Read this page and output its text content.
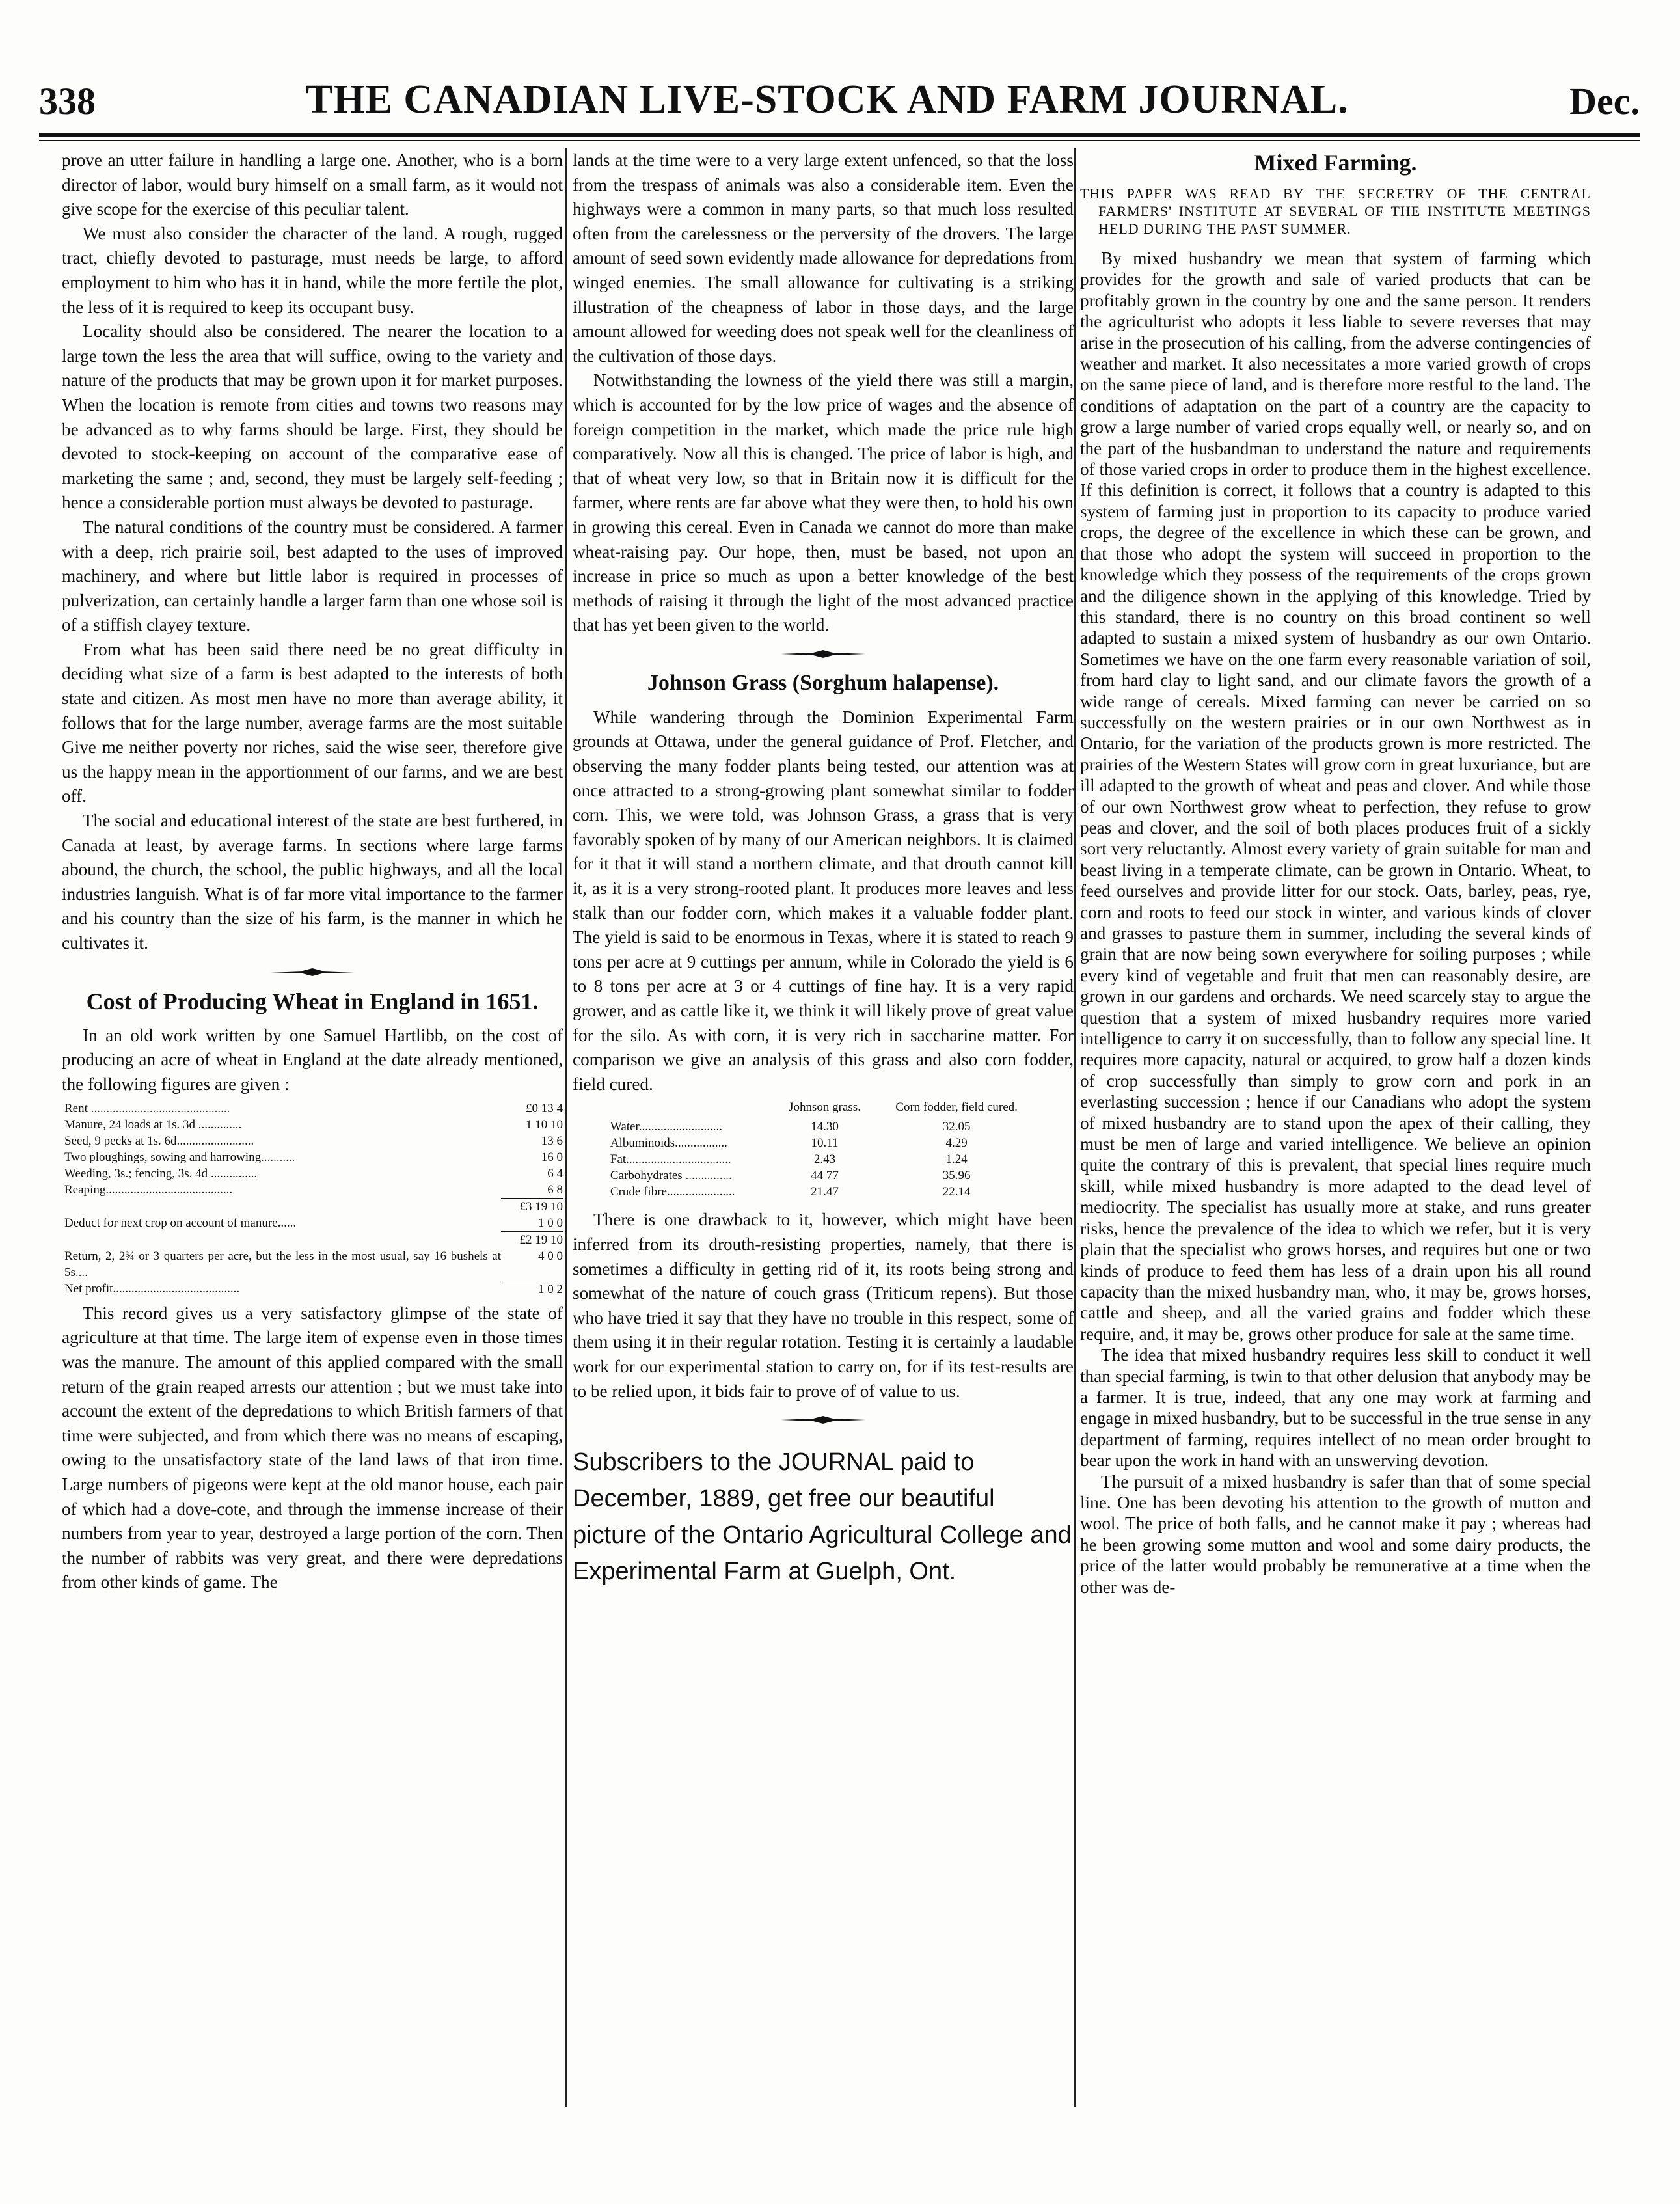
338	THE CANADIAN LIVE-STOCK AND FARM JOURNAL.	Dec.

prove an utter failure in handling a large one. Another, who is a born director of labor, would bury himself on a small farm, as it would not give scope for the exercise of this peculiar talent.

We must also consider the character of the land. A rough, rugged tract, chiefly devoted to pasturage, must needs be large, to afford employment to him who has it in hand, while the more fertile the plot, the less of it is required to keep its occupant busy.

Locality should also be considered. The nearer the location to a large town the less the area that will suffice, owing to the variety and nature of the products that may be grown upon it for market purposes. When the location is remote from cities and towns two reasons may be advanced as to why farms should be large. First, they should be devoted to stock-keeping on account of the comparative ease of marketing the same ; and, second, they must be largely self-feeding ; hence a considerable portion must always be devoted to pasturage.

The natural conditions of the country must be considered. A farmer with a deep, rich prairie soil, best adapted to the uses of improved machinery, and where but little labor is required in processes of pulverization, can certainly handle a larger farm than one whose soil is of a stiffish clayey texture.

From what has been said there need be no great difficulty in deciding what size of a farm is best adapted to the interests of both state and citizen. As most men have no more than average ability, it follows that for the large number, average farms are the most suitable Give me neither poverty nor riches, said the wise seer, therefore give us the happy mean in the apportionment of our farms, and we are best off.

The social and educational interest of the state are best furthered, in Canada at least, by average farms. In sections where large farms abound, the church, the school, the public highways, and all the local industries languish. What is of far more vital importance to the farmer and his country than the size of his farm, is the manner in which he cultivates it.

Cost of Producing Wheat in England in 1651.

In an old work written by one Samuel Hartlibb, on the cost of producing an acre of wheat in England at the date already mentioned, the following figures are given :

Rent .............................................	£0 13 4
Manure, 24 loads at 1s. 3d ..............	1 10 10
Seed, 9 pecks at 1s. 6d.........................	13 6
Two ploughings, sowing and harrowing...........	16 0
Weeding, 3s.; fencing, 3s. 4d ...............	6 4
Reaping.........................................	6 8
	£3 19 10
Deduct for next crop on account of manure......	1 0 0
	£2 19 10
Return, 2, 2¾ or 3 quarters per acre, but the less in the most usual, say 16 bushels at 5s....	4 0 0
Net profit.........................................	1 0 2

This record gives us a very satisfactory glimpse of the state of agriculture at that time. The large item of expense even in those times was the manure. The amount of this applied compared with the small return of the grain reaped arrests our attention ; but we must take into account the extent of the depredations to which British farmers of that time were subjected, and from which there was no means of escaping, owing to the unsatisfactory state of the land laws of that iron time. Large numbers of pigeons were kept at the old manor house, each pair of which had a dove-cote, and through the immense increase of their numbers from year to year, destroyed a large portion of the corn. Then the number of rabbits was very great, and there were depredations from other kinds of game. The

lands at the time were to a very large extent unfenced, so that the loss from the trespass of animals was also a considerable item. Even the highways were a common in many parts, so that much loss resulted often from the carelessness or the perversity of the drovers. The large amount of seed sown evidently made allowance for depredations from winged enemies. The small allowance for cultivating is a striking illustration of the cheapness of labor in those days, and the large amount allowed for weeding does not speak well for the cleanliness of the cultivation of those days.

Notwithstanding the lowness of the yield there was still a margin, which is accounted for by the low price of wages and the absence of foreign competition in the market, which made the price rule high comparatively. Now all this is changed. The price of labor is high, and that of wheat very low, so that in Britain now it is difficult for the farmer, where rents are far above what they were then, to hold his own in growing this cereal. Even in Canada we cannot do more than make wheat-raising pay. Our hope, then, must be based, not upon an increase in price so much as upon a better knowledge of the best methods of raising it through the light of the most advanced practice that has yet been given to the world.

Johnson Grass (Sorghum halapense).

While wandering through the Dominion Experimental Farm grounds at Ottawa, under the general guidance of Prof. Fletcher, and observing the many fodder plants being tested, our attention was at once attracted to a strong-growing plant somewhat similar to fodder corn. This, we were told, was Johnson Grass, a grass that is very favorably spoken of by many of our American neighbors. It is claimed for it that it will stand a northern climate, and that drouth cannot kill it, as it is a very strong-rooted plant. It produces more leaves and less stalk than our fodder corn, which makes it a valuable fodder plant. The yield is said to be enormous in Texas, where it is stated to reach 9 tons per acre at 9 cuttings per annum, while in Colorado the yield is 6 to 8 tons per acre at 3 or 4 cuttings of fine hay. It is a very rapid grower, and as cattle like it, we think it will likely prove of great value for the silo. As with corn, it is very rich in saccharine matter. For comparison we give an analysis of this grass and also corn fodder, field cured.

	Johnson grass.	Corn fodder, field cured.
Water...........................	14.30	32.05
Albuminoids.................	10.11	4.29
Fat..................................	2.43	1.24
Carbohydrates ...............	44 77	35.96
Crude fibre......................	21.47	22.14

There is one drawback to it, however, which might have been inferred from its drouth-resisting properties, namely, that there is sometimes a difficulty in getting rid of it, its roots being strong and somewhat of the nature of couch grass (Triticum repens). But those who have tried it say that they have no trouble in this respect, some of them using it in their regular rotation. Testing it is certainly a laudable work for our experimental station to carry on, for if its test-results are to be relied upon, it bids fair to prove of of value to us.

Subscribers to the JOURNAL paid to December, 1889, get free our beautiful picture of the Ontario Agricultural College and Experimental Farm at Guelph, Ont.
Mixed Farming.

THIS PAPER WAS READ BY THE SECRETRY OF THE CENTRAL FARMERS' INSTITUTE AT SEVERAL OF THE INSTITUTE MEETINGS HELD DURING THE PAST SUMMER.

By mixed husbandry we mean that system of farming which provides for the growth and sale of varied products that can be profitably grown in the country by one and the same person. It renders the agriculturist who adopts it less liable to severe reverses that may arise in the prosecution of his calling, from the adverse contingencies of weather and market. It also necessitates a more varied growth of crops on the same piece of land, and is therefore more restful to the land. The conditions of adaptation on the part of a country are the capacity to grow a large number of varied crops equally well, or nearly so, and on the part of the husbandman to understand the nature and requirements of those varied crops in order to produce them in the highest excellence. If this definition is correct, it follows that a country is adapted to this system of farming just in proportion to its capacity to produce varied crops, the degree of the excellence in which these can be grown, and that those who adopt the system will succeed in proportion to the knowledge which they possess of the requirements of the crops grown and the diligence shown in the applying of this knowledge. Tried by this standard, there is no country on this broad continent so well adapted to sustain a mixed system of husbandry as our own Ontario. Sometimes we have on the one farm every reasonable variation of soil, from hard clay to light sand, and our climate favors the growth of a wide range of cereals. Mixed farming can never be carried on so successfully on the western prairies or in our own Northwest as in Ontario, for the variation of the products grown is more restricted. The prairies of the Western States will grow corn in great luxuriance, but are ill adapted to the growth of wheat and peas and clover. And while those of our own Northwest grow wheat to perfection, they refuse to grow peas and clover, and the soil of both places produces fruit of a sickly sort very reluctantly. Almost every variety of grain suitable for man and beast living in a temperate climate, can be grown in Ontario. Wheat, to feed ourselves and provide litter for our stock. Oats, barley, peas, rye, corn and roots to feed our stock in winter, and various kinds of clover and grasses to pasture them in summer, including the several kinds of grain that are now being sown everywhere for soiling purposes ; while every kind of vegetable and fruit that men can reasonably desire, are grown in our gardens and orchards. We need scarcely stay to argue the question that a system of mixed husbandry requires more varied intelligence to carry it on successfully, than to follow any special line. It requires more capacity, natural or acquired, to grow half a dozen kinds of crop successfully than simply to grow corn and pork in an everlasting succession ; hence if our Canadians who adopt the system of mixed husbandry are to stand upon the apex of their calling, they must be men of large and varied intelligence. We believe an opinion quite the contrary of this is prevalent, that special lines require much skill, while mixed husbandry is more adapted to the dead level of mediocrity. The specialist has usually more at stake, and runs greater risks, hence the prevalence of the idea to which we refer, but it is very plain that the specialist who grows horses, and requires but one or two kinds of produce to feed them has less of a drain upon his all round capacity than the mixed husbandry man, who, it may be, grows horses, cattle and sheep, and all the varied grains and fodder which these require, and, it may be, grows other produce for sale at the same time.

The idea that mixed husbandry requires less skill to conduct it well than special farming, is twin to that other delusion that anybody may be a farmer. It is true, indeed, that any one may work at farming and engage in mixed husbandry, but to be successful in the true sense in any department of farming, requires intellect of no mean order brought to bear upon the work in hand with an unswerving devotion.

The pursuit of a mixed husbandry is safer than that of some special line. One has been devoting his attention to the growth of mutton and wool. The price of both falls, and he cannot make it pay ; whereas had he been growing some mutton and wool and some dairy products, the price of the latter would probably be remunerative at a time when the other was de-
